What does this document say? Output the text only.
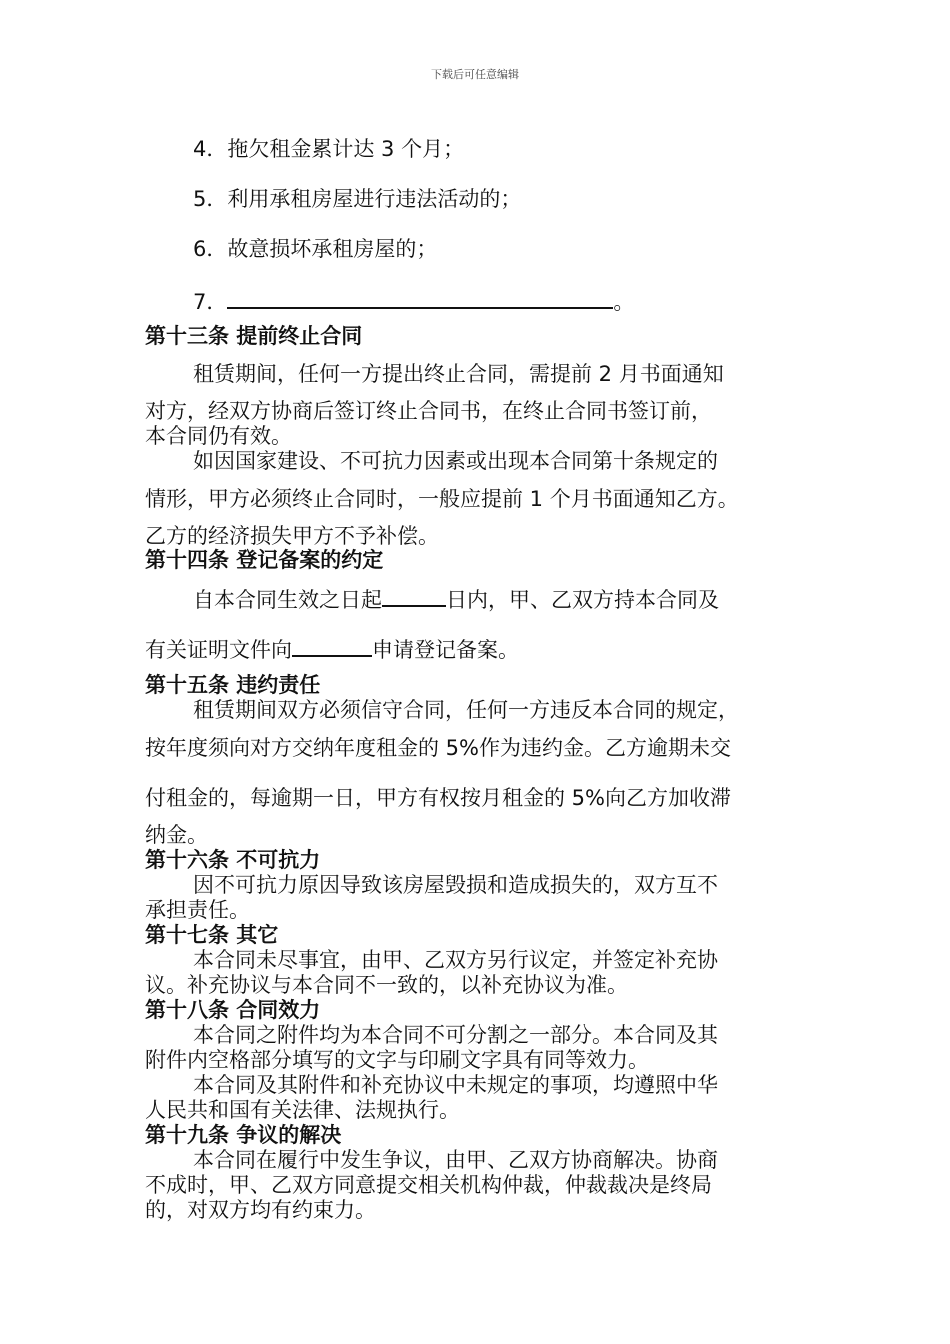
下载后可任意编辑
4．拖欠租金累计达 3 个月；
5．利用承租房屋进行违法活动的；
6．故意损坏承租房屋的；
7．	。
第十三条 提前终止合同
租赁期间，任何一方提出终止合同，需提前 2 月书面通知
对方，经双方协商后签订终止合同书，在终止合同书签订前，
本合同仍有效。
如因国家建设、不可抗力因素或出现本合同第十条规定的
情形，甲方必须终止合同时，一般应提前 1 个月书面通知乙方。
乙方的经济损失甲方不予补偿。
第十四条 登记备案的约定
自本合同生效之日起	日内，甲、乙双方持本合同及
有关证明文件向	申请登记备案。
第十五条 违约责任
租赁期间双方必须信守合同，任何一方违反本合同的规定，
按年度须向对方交纳年度租金的 5%作为违约金。乙方逾期未交
付租金的，每逾期一日，甲方有权按月租金的 5%向乙方加收滞
纳金。
第十六条 不可抗力
因不可抗力原因导致该房屋毁损和造成损失的，双方互不
承担责任。
第十七条 其它
本合同未尽事宜，由甲、乙双方另行议定，并签定补充协
议。补充协议与本合同不一致的，以补充协议为准。
第十八条 合同效力
本合同之附件均为本合同不可分割之一部分。本合同及其
附件内空格部分填写的文字与印刷文字具有同等效力。
本合同及其附件和补充协议中未规定的事项，均遵照中华
人民共和国有关法律、法规执行。
第十九条 争议的解决
本合同在履行中发生争议，由甲、乙双方协商解决。协商
不成时，甲、乙双方同意提交相关机构仲裁，仲裁裁决是终局
的，对双方均有约束力。
